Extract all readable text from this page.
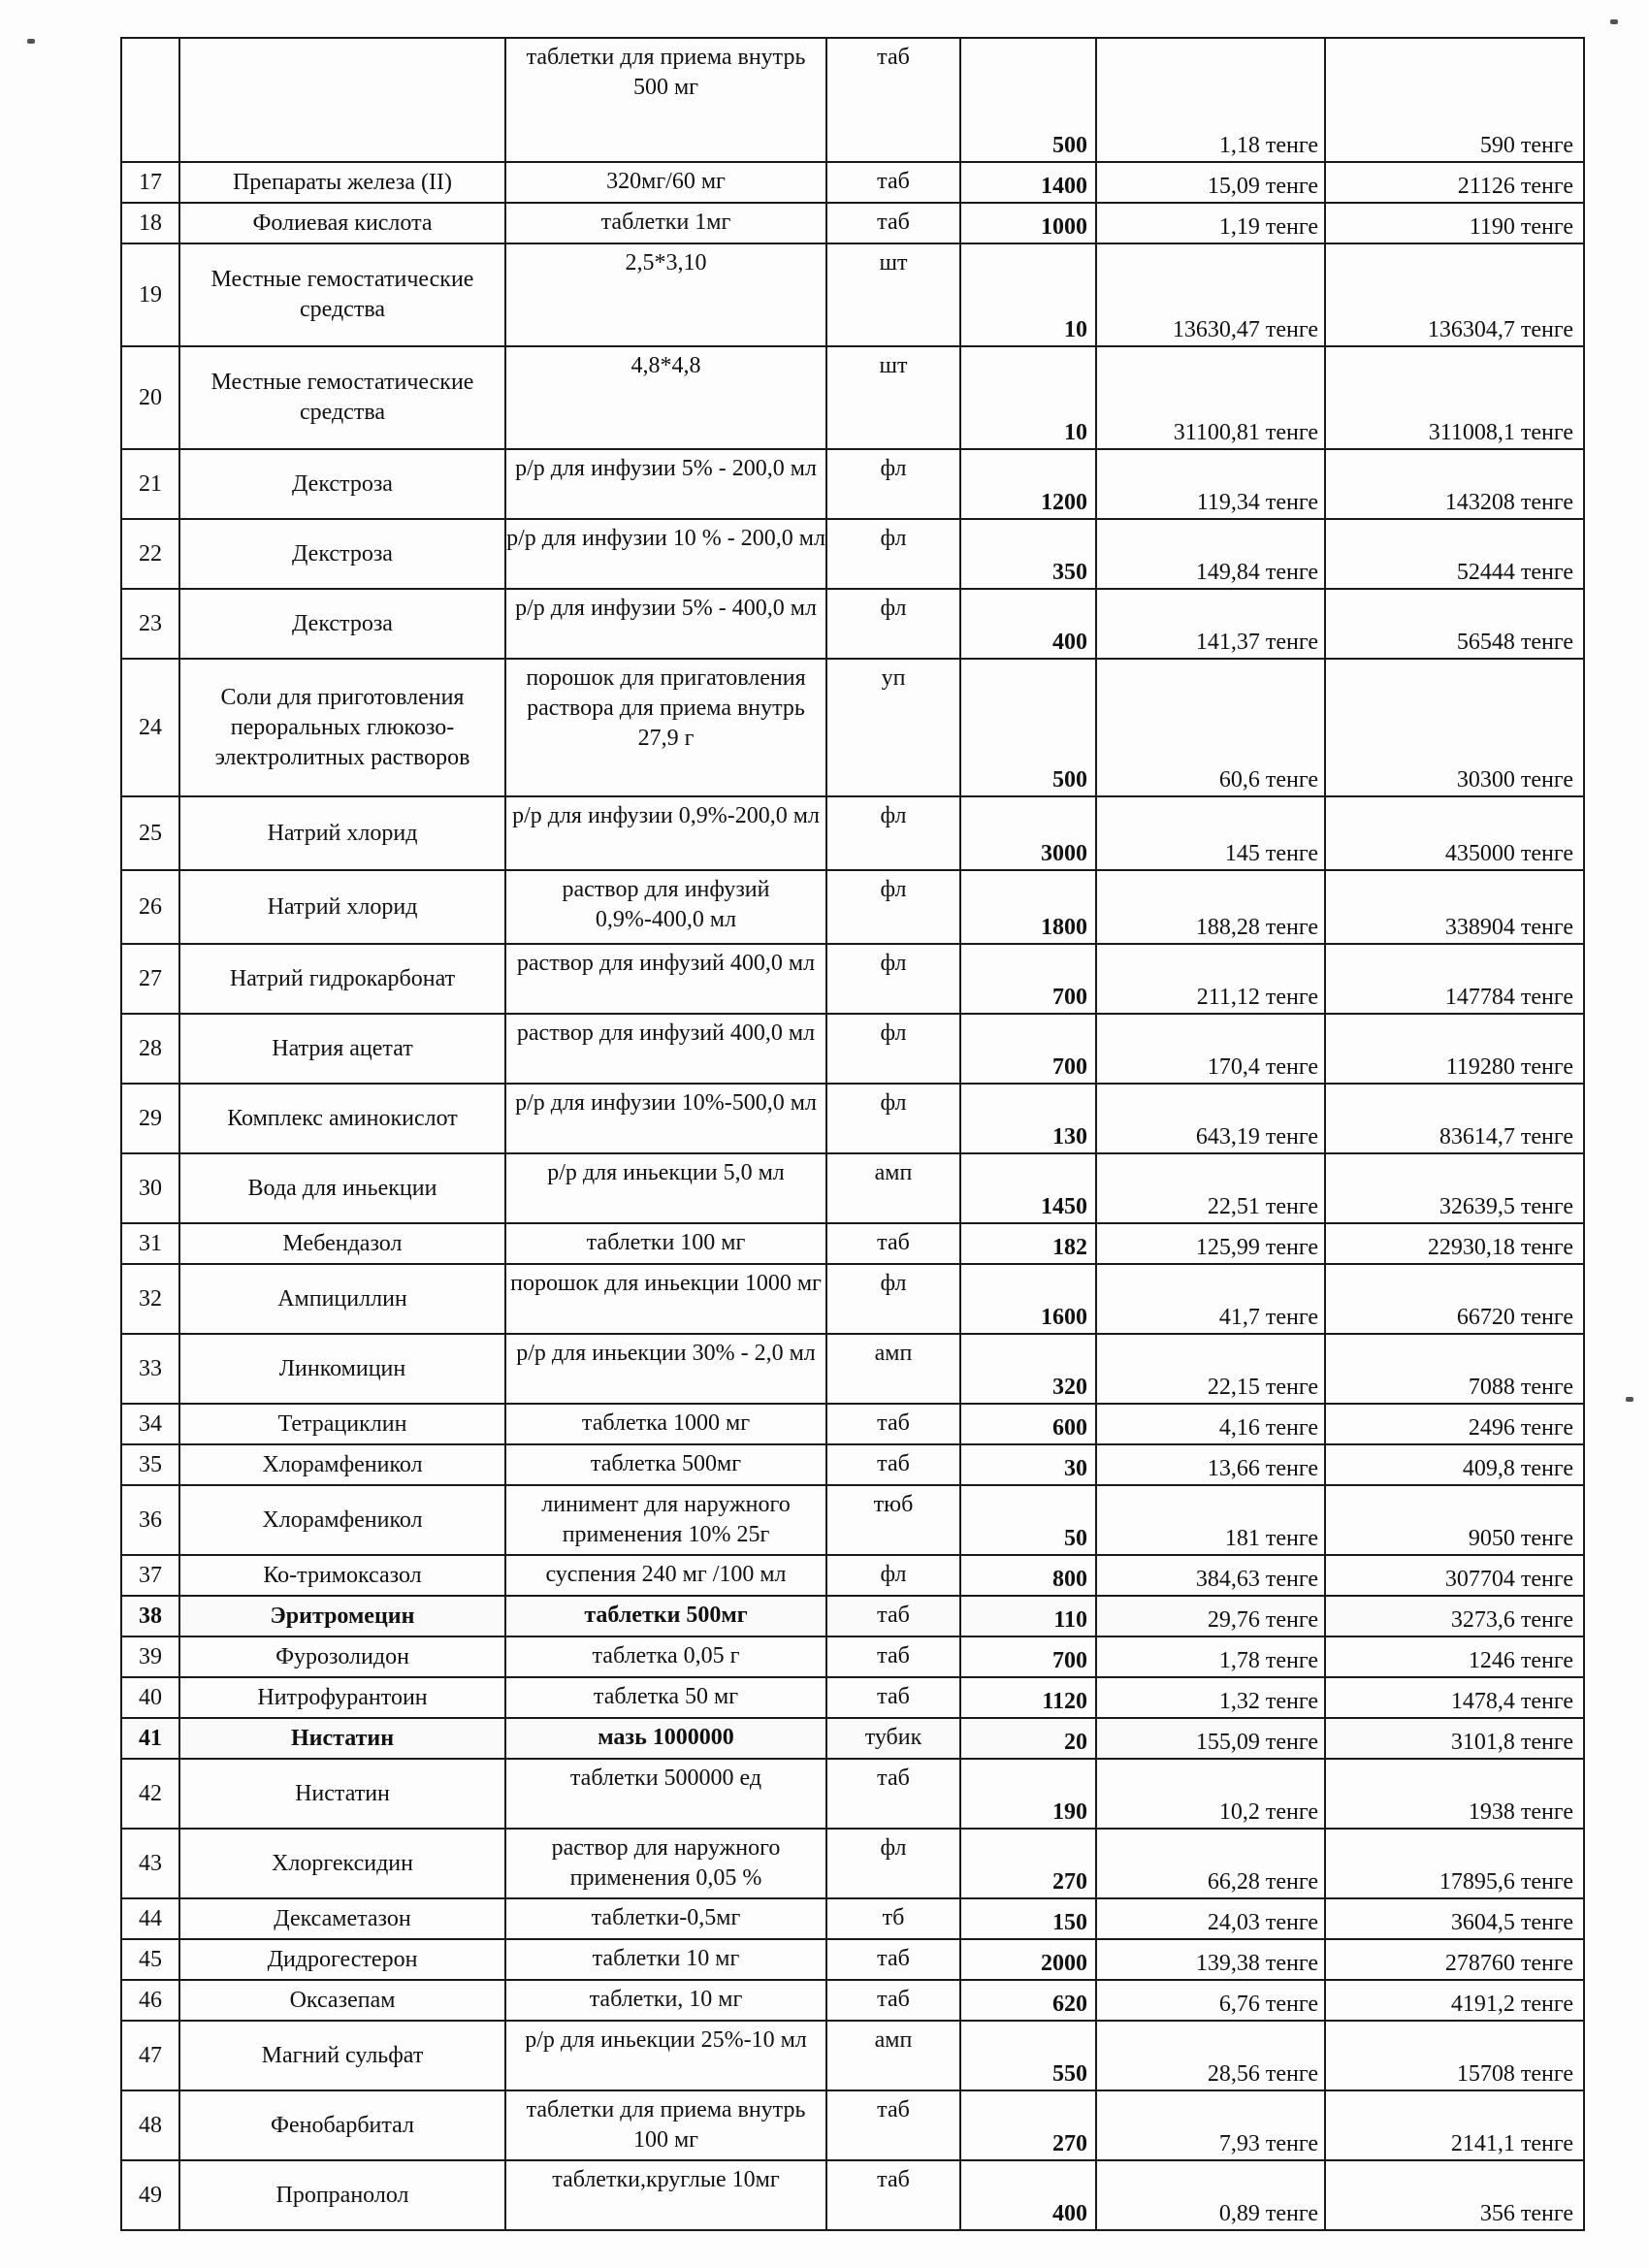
		таблетки для приема внутрь 500 мг	таб	500	1,18 тенге	590 тенге
17	Препараты железа (II)	320мг/60 мг	таб	1400	15,09 тенге	21126 тенге
18	Фолиевая кислота	таблетки 1мг	таб	1000	1,19 тенге	1190 тенге
19	Местные гемостатические средства	2,5*3,10	шт	10	13630,47 тенге	136304,7 тенге
20	Местные гемостатические средства	4,8*4,8	шт	10	31100,81 тенге	311008,1 тенге
21	Декстроза	р/р для инфузии 5% - 200,0 мл	фл	1200	119,34 тенге	143208 тенге
22	Декстроза	р/р для инфузии 10 % - 200,0 мл	фл	350	149,84 тенге	52444 тенге
23	Декстроза	р/р для инфузии 5% - 400,0 мл	фл	400	141,37 тенге	56548 тенге
24	Соли для приготовления пероральных глюкозо-электролитных растворов	порошок для пригатовления раствора для приема внутрь 27,9 г	уп	500	60,6 тенге	30300 тенге
25	Натрий хлорид	р/р для инфузии 0,9%-200,0 мл	фл	3000	145 тенге	435000 тенге
26	Натрий хлорид	раствор для инфузий 0,9%-400,0 мл	фл	1800	188,28 тенге	338904 тенге
27	Натрий гидрокарбонат	раствор для инфузий 400,0 мл	фл	700	211,12 тенге	147784 тенге
28	Натрия ацетат	раствор для инфузий 400,0 мл	фл	700	170,4 тенге	119280 тенге
29	Комплекс аминокислот	р/р для инфузии 10%-500,0 мл	фл	130	643,19 тенге	83614,7 тенге
30	Вода для иньекции	р/р для иньекции 5,0 мл	амп	1450	22,51 тенге	32639,5 тенге
31	Мебендазол	таблетки 100 мг	таб	182	125,99 тенге	22930,18 тенге
32	Ампициллин	порошок для иньекции 1000 мг	фл	1600	41,7 тенге	66720 тенге
33	Линкомицин	р/р для иньекции 30% - 2,0 мл	амп	320	22,15 тенге	7088 тенге
34	Тетрациклин	таблетка 1000 мг	таб	600	4,16 тенге	2496 тенге
35	Хлорамфеникол	таблетка 500мг	таб	30	13,66 тенге	409,8 тенге
36	Хлорамфеникол	линимент для наружного применения 10% 25г	тюб	50	181 тенге	9050 тенге
37	Ко-тримоксазол	суспения 240 мг /100 мл	фл	800	384,63 тенге	307704 тенге
38	Эритромецин	таблетки 500мг	таб	110	29,76 тенге	3273,6 тенге
39	Фурозолидон	таблетка 0,05 г	таб	700	1,78 тенге	1246 тенге
40	Нитрофурантоин	таблетка 50 мг	таб	1120	1,32 тенге	1478,4 тенге
41	Нистатин	мазь 1000000	тубик	20	155,09 тенге	3101,8 тенге
42	Нистатин	таблетки 500000 ед	таб	190	10,2 тенге	1938 тенге
43	Хлоргексидин	раствор для наружного применения 0,05 %	фл	270	66,28 тенге	17895,6 тенге
44	Дексаметазон	таблетки-0,5мг	тб	150	24,03 тенге	3604,5 тенге
45	Дидрогестерон	таблетки 10 мг	таб	2000	139,38 тенге	278760 тенге
46	Оксазепам	таблетки, 10 мг	таб	620	6,76 тенге	4191,2 тенге
47	Магний сульфат	р/р для иньекции 25%-10 мл	амп	550	28,56 тенге	15708 тенге
48	Фенобарбитал	таблетки для приема внутрь 100 мг	таб	270	7,93 тенге	2141,1 тенге
49	Пропранолол	таблетки,круглые 10мг	таб	400	0,89 тенге	356 тенге
